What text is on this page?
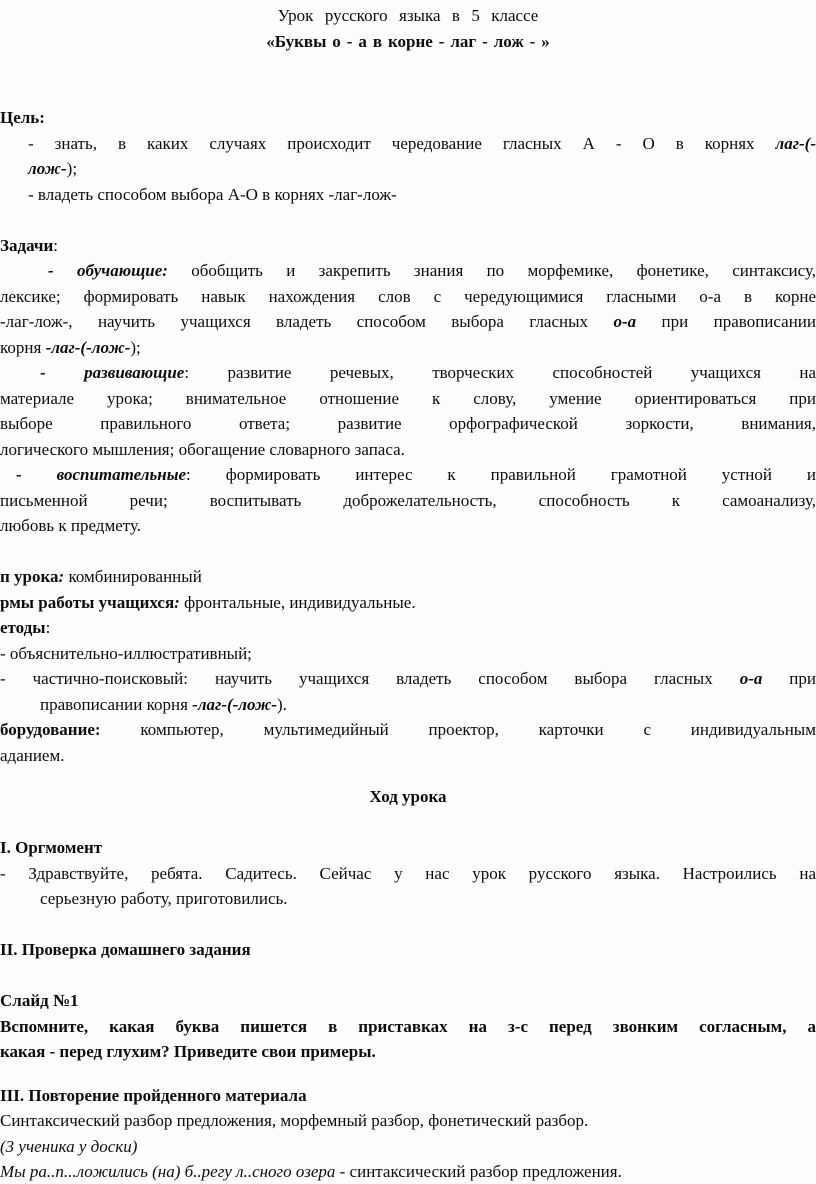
Урок русского языка в 5 классе
«Буквы о - а в корне - лаг - лож - »
Цель:
- знать, в каких случаях происходит чередование гласных А - О в корнях лаг-(-
лож-);
- владеть способом выбора А-О в корнях -лаг-лож-
Задачи:
- обучающие: обобщить и закрепить знания по морфемике, фонетике, синтаксису,
лексике; формировать навык нахождения слов с чередующимися гласными о-а в корне
-лаг-лож-, научить учащихся владеть способом выбора гласных о-а при правописании
корня -лаг-(-лож-);
- развивающие: развитие речевых, творческих способностей учащихся на
материале урока; внимательное отношение к слову, умение ориентироваться при
выборе правильного ответа; развитие орфографической зоркости, внимания,
логического мышления; обогащение словарного запаса.
- воспитательные: формировать интерес к правильной грамотной устной и
письменной речи; воспитывать доброжелательность, способность к самоанализу,
любовь к предмету.
п урока: комбинированный
рмы работы учащихся: фронтальные, индивидуальные.
етоды:
- объяснительно-иллюстративный;
- частично-поисковый: научить учащихся владеть способом выбора гласных о-а при
правописании корня -лаг-(-лож-).
борудование: компьютер, мультимедийный проектор, карточки с индивидуальным
аданием.
Ход урока
I. Оргмомент
- Здравствуйте, ребята. Садитесь. Сейчас у нас урок русского языка. Настроились на
серьезную работу, приготовились.
II. Проверка домашнего задания
Слайд №1
Вспомните, какая буква пишется в приставках на з-с перед звонким согласным, а
какая - перед глухим? Приведите свои примеры.
III. Повторение пройденного материала
Синтаксический разбор предложения, морфемный разбор, фонетический разбор.
(3 ученика у доски)
Мы ра..п...ложились (на) б..регу л..сного озера - синтаксический разбор предложения.
